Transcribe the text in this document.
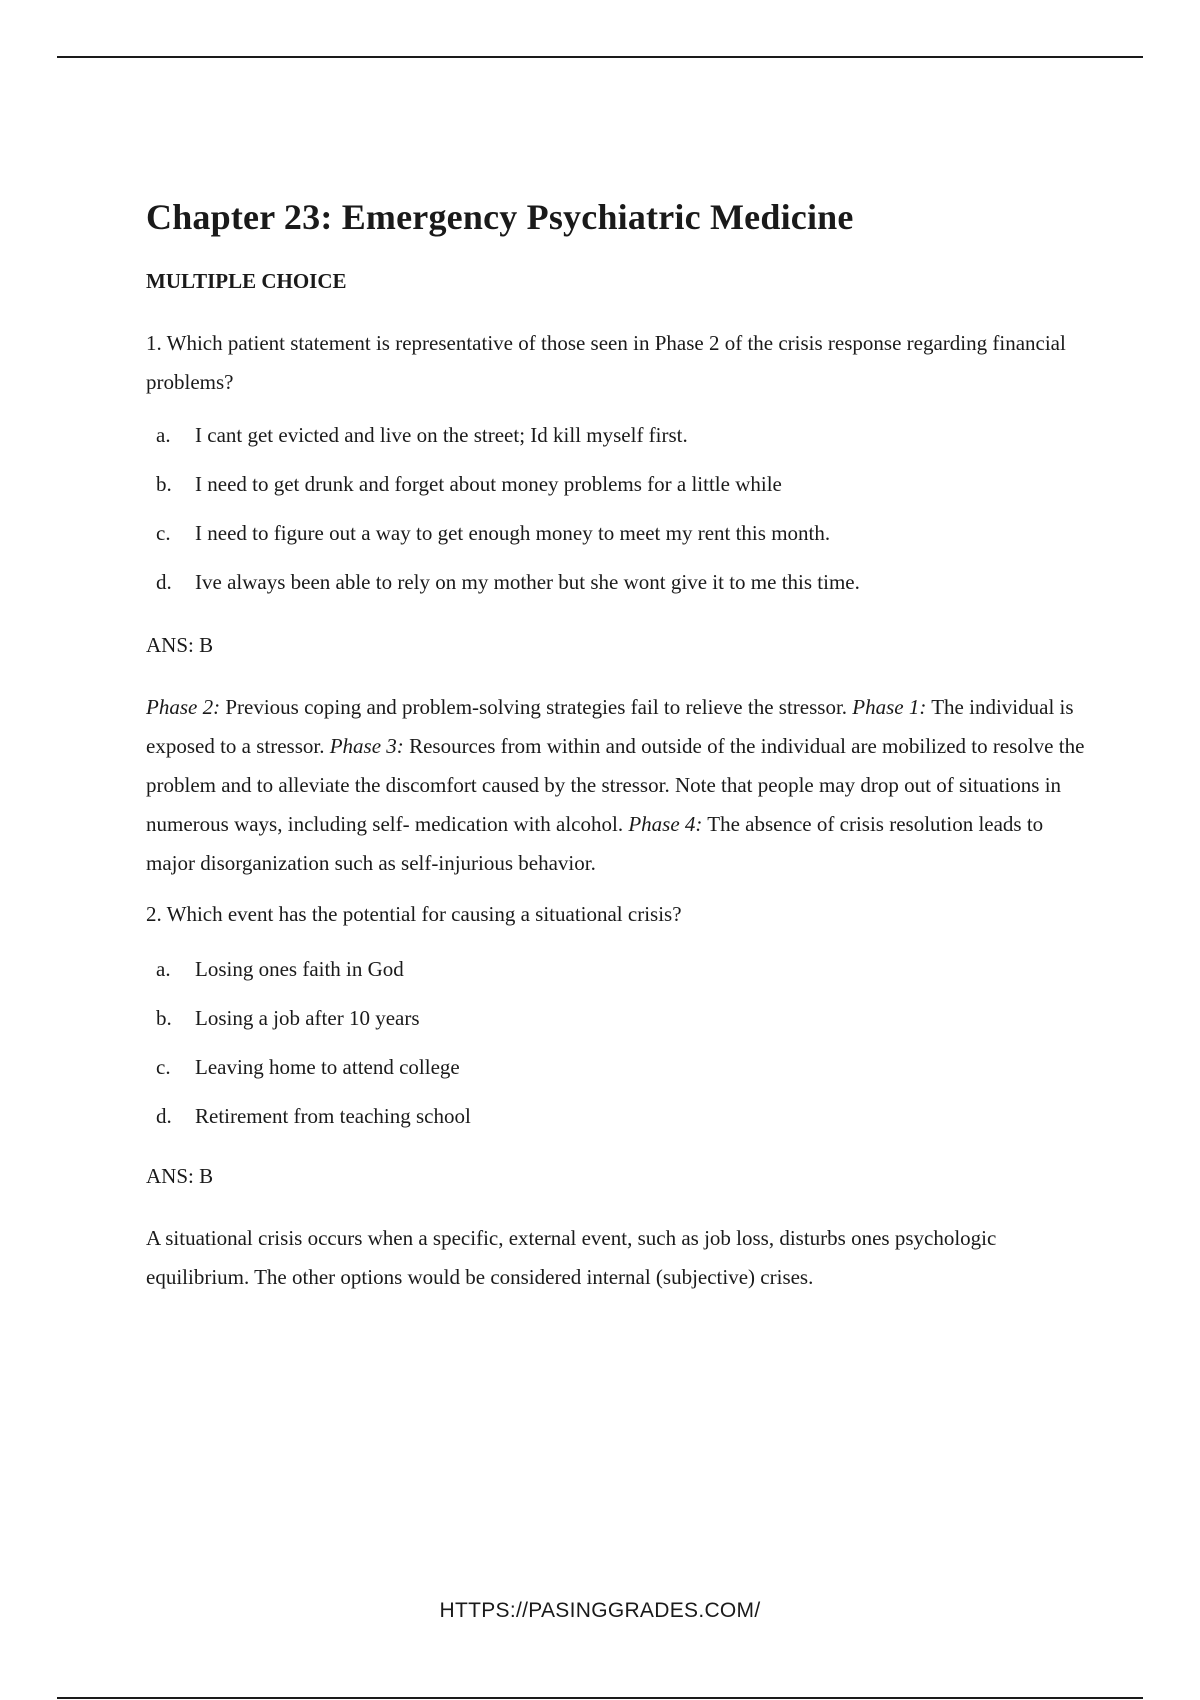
Chapter 23: Emergency Psychiatric Medicine
MULTIPLE CHOICE

1. Which patient statement is representative of those seen in Phase 2 of the crisis response regarding financial problems?

a.	I cant get evicted and live on the street; Id kill myself first.
b.	I need to get drunk and forget about money problems for a little while
c.	I need to figure out a way to get enough money to meet my rent this month.
d.	Ive always been able to rely on my mother but she wont give it to me this time.

ANS: B

Phase 2: Previous coping and problem-solving strategies fail to relieve the stressor. Phase 1: The individual is exposed to a stressor. Phase 3: Resources from within and outside of the individual are mobilized to resolve the problem and to alleviate the discomfort caused by the stressor. Note that people may drop out of situations in numerous ways, including self- medication with alcohol. Phase 4: The absence of crisis resolution leads to major disorganization such as self-injurious behavior.

2. Which event has the potential for causing a situational crisis?

a.	Losing ones faith in God
b.	Losing a job after 10 years
c.	Leaving home to attend college
d.	Retirement from teaching school

ANS: B

A situational crisis occurs when a specific, external event, such as job loss, disturbs ones psychologic equilibrium. The other options would be considered internal (subjective) crises.

HTTPS://PASINGGRADES.COM/
